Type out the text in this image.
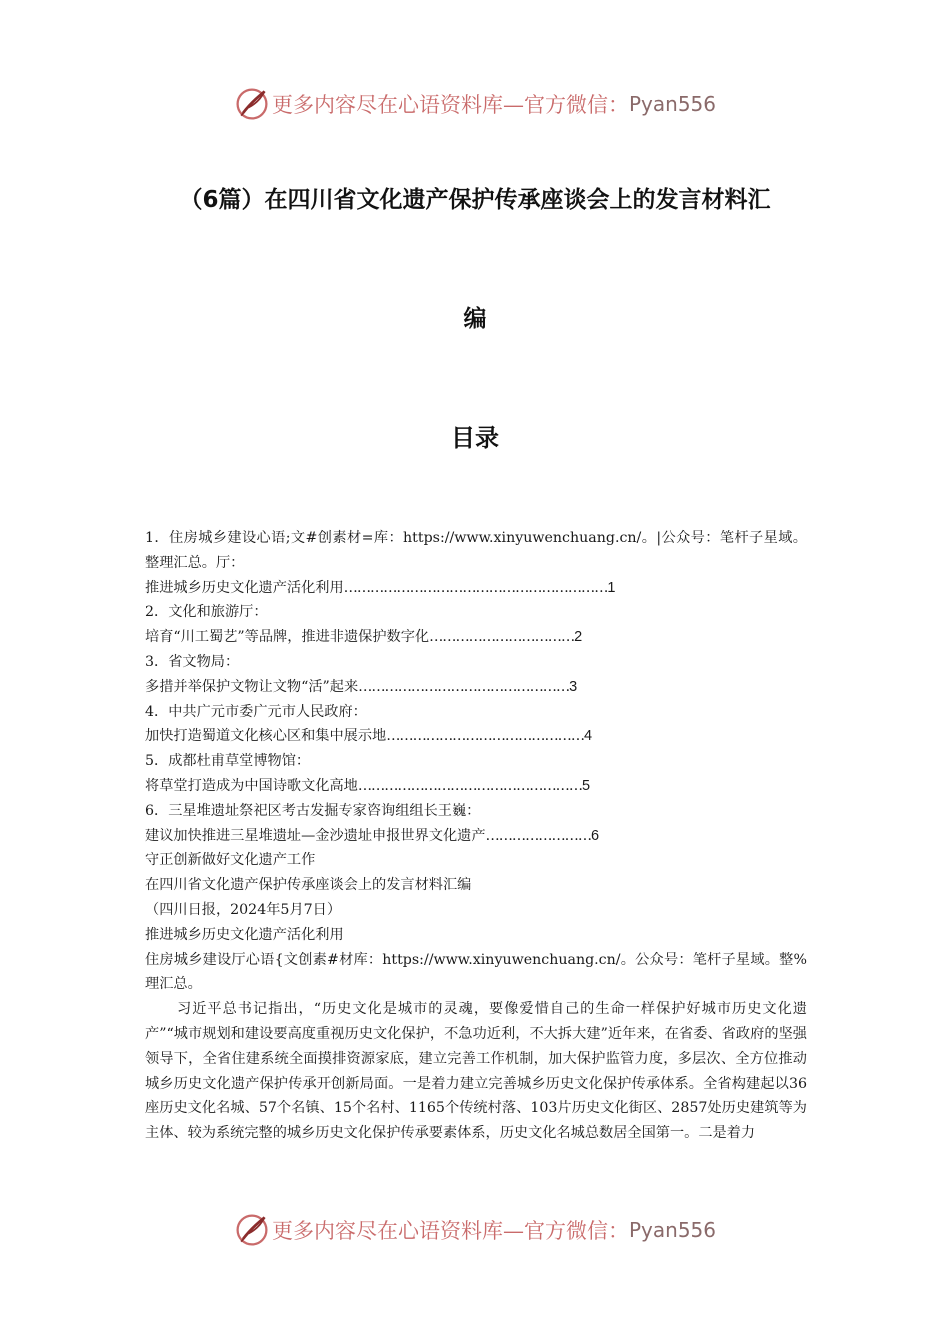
更多内容尽在心语资料库—官方微信： Pyan556
（6篇）在四川省文化遗产保护传承座谈会上的发言材料汇
编
目录
1．住房城乡建设心语;文#创素材=库：https://www.xinyuwenchuang.cn/。|公众号：笔杆子星域。整理汇总。厅：
推进城乡历史文化遗产活化利用……………………………………………………1
2．文化和旅游厅：
培育“川工蜀艺”等品牌，推进非遗保护数字化……………………………2
3．省文物局：
多措并举保护文物让文物“活”起来…………………………………………3
4．中共广元市委广元市人民政府：
加快打造蜀道文化核心区和集中展示地………………………………………4
5．成都杜甫草堂博物馆：
将草堂打造成为中国诗歌文化高地……………………………………………5
6．三星堆遗址祭祀区考古发掘专家咨询组组长王巍：
建议加快推进三星堆遗址—金沙遗址申报世界文化遗产……………………6
守正创新做好文化遗产工作
在四川省文化遗产保护传承座谈会上的发言材料汇编
（四川日报，2024年5月7日）
推进城乡历史文化遗产活化利用
住房城乡建设厅心语{文创素#材库：https://www.xinyuwenchuang.cn/。公众号：笔杆子星域。整%理汇总。
习近平总书记指出，“历史文化是城市的灵魂，要像爱惜自己的生命一样保护好城市历史文化遗产”“城市规划和建设要高度重视历史文化保护，不急功近利，不大拆大建”近年来，在省委、省政府的坚强领导下，全省住建系统全面摸排资源家底，建立完善工作机制，加大保护监管力度，多层次、全方位推动城乡历史文化遗产保护传承开创新局面。一是着力建立完善城乡历史文化保护传承体系。全省构建起以36座历史文化名城、57个名镇、15个名村、1165个传统村落、103片历史文化街区、2857处历史建筑等为主体、较为系统完整的城乡历史文化保护传承要素体系，历史文化名城总数居全国第一。二是着力
更多内容尽在心语资料库—官方微信： Pyan556
